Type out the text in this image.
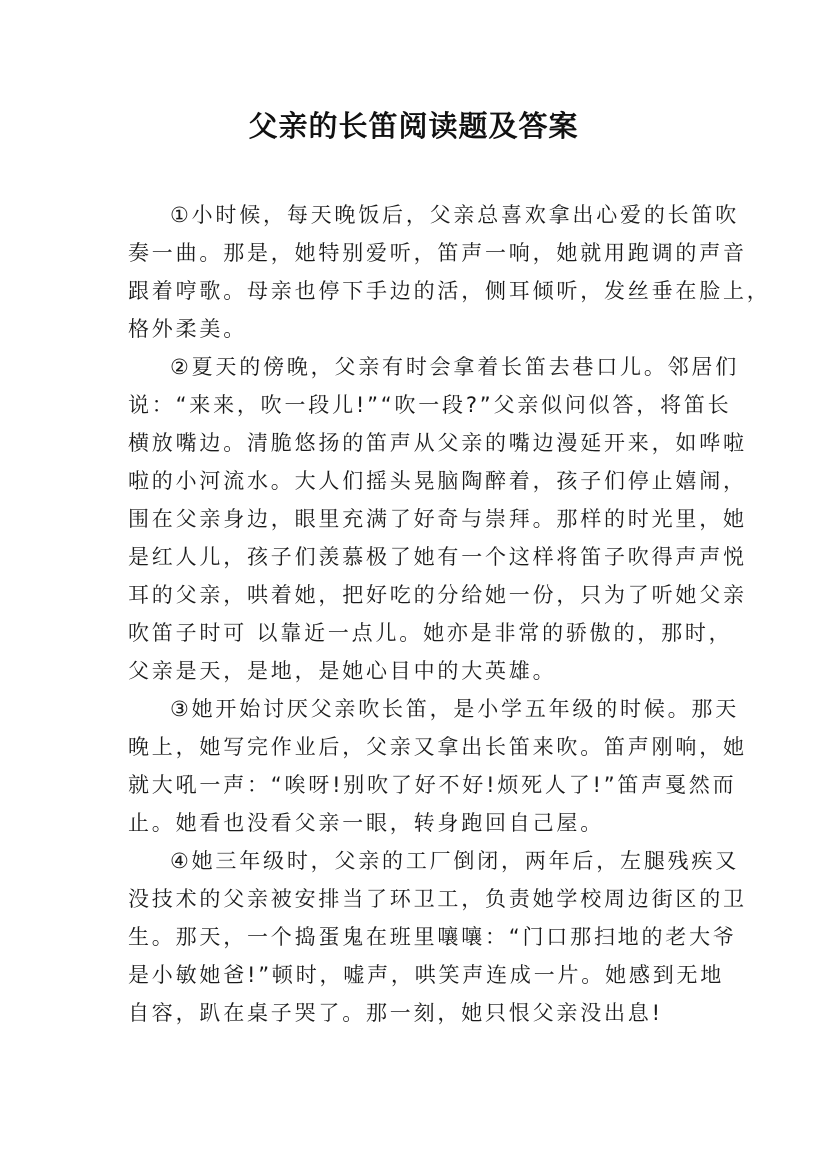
父亲的长笛阅读题及答案
①小时候，每天晚饭后，父亲总喜欢拿出心爱的长笛吹
奏一曲。那是，她特别爱听，笛声一响，她就用跑调的声音
跟着哼歌。母亲也停下手边的活，侧耳倾听，发丝垂在脸上，
格外柔美。
②夏天的傍晚，父亲有时会拿着长笛去巷口儿。邻居们
说：“来来，吹一段儿!”“吹一段?”父亲似问似答，将笛长
横放嘴边。清脆悠扬的笛声从父亲的嘴边漫延开来，如哗啦
啦的小河流水。大人们摇头晃脑陶醉着，孩子们停止嬉闹，
围在父亲身边，眼里充满了好奇与崇拜。那样的时光里，她
是红人儿，孩子们羡慕极了她有一个这样将笛子吹得声声悦
耳的父亲，哄着她，把好吃的分给她一份，只为了听她父亲
吹笛子时可 以靠近一点儿。她亦是非常的骄傲的，那时，
父亲是天，是地，是她心目中的大英雄。
③她开始讨厌父亲吹长笛，是小学五年级的时候。那天
晚上，她写完作业后，父亲又拿出长笛来吹。笛声刚响，她
就大吼一声：“唉呀!别吹了好不好!烦死人了!”笛声戛然而
止。她看也没看父亲一眼，转身跑回自己屋。
④她三年级时，父亲的工厂倒闭，两年后，左腿残疾又
没技术的父亲被安排当了环卫工，负责她学校周边街区的卫
生。那天，一个捣蛋鬼在班里嚷嚷：“门口那扫地的老大爷
是小敏她爸!”顿时，嘘声，哄笑声连成一片。她感到无地
自容，趴在桌子哭了。那一刻，她只恨父亲没出息!
